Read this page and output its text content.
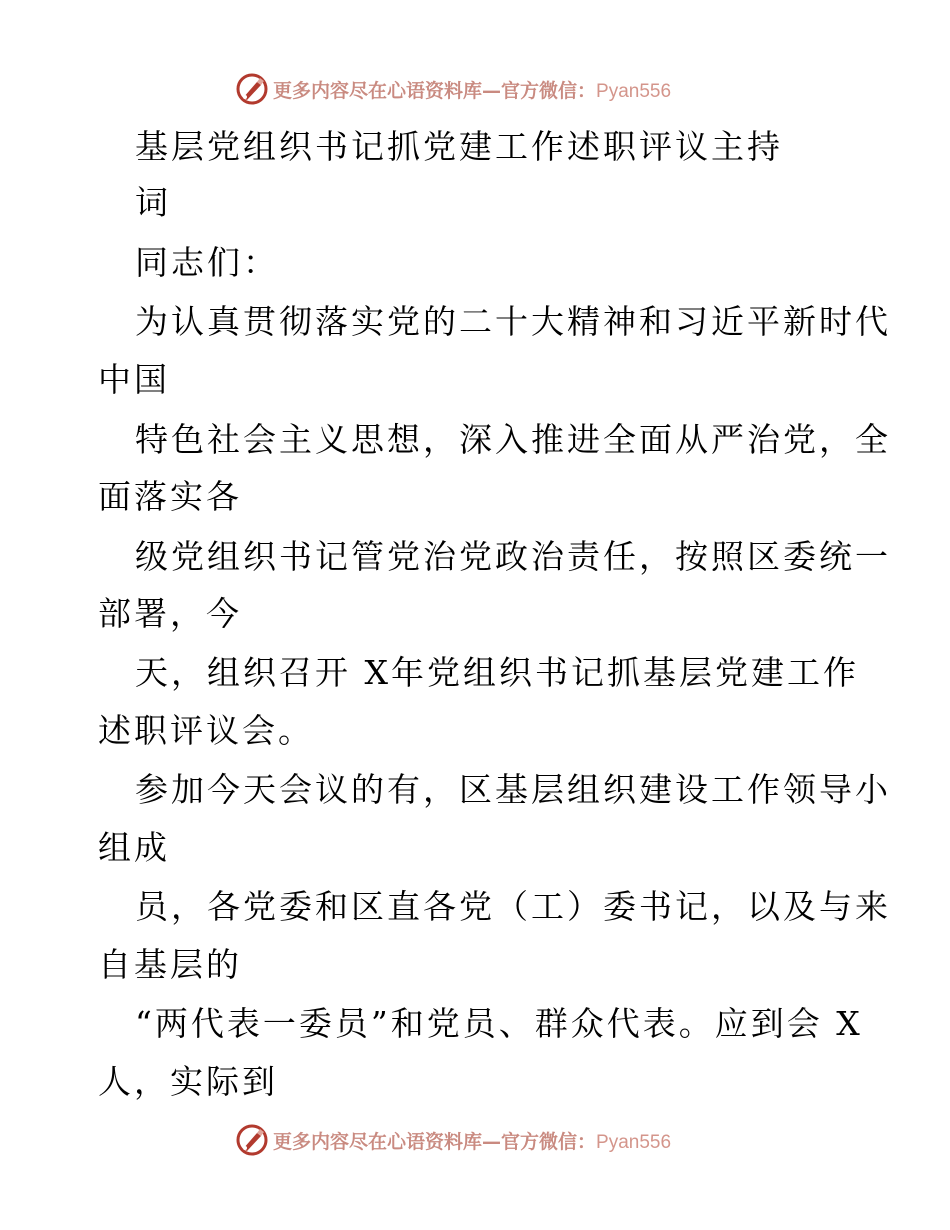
更多内容尽在心语资料库—官方微信：Pyan556
基层党组织书记抓党建工作述职评议主持
词
同志们：
为认真贯彻落实党的二十大精神和习近平新时代
中国
特色社会主义思想，深入推进全面从严治党，全
面落实各
级党组织书记管党治党政治责任，按照区委统一
部署，今
天，组织召开 X年党组织书记抓基层党建工作
述职评议会。
参加今天会议的有，区基层组织建设工作领导小
组成
员，各党委和区直各党（工）委书记，以及与来
自基层的
“两代表一委员”和党员、群众代表。应到会 X
人，实际到
更多内容尽在心语资料库—官方微信：Pyan556
